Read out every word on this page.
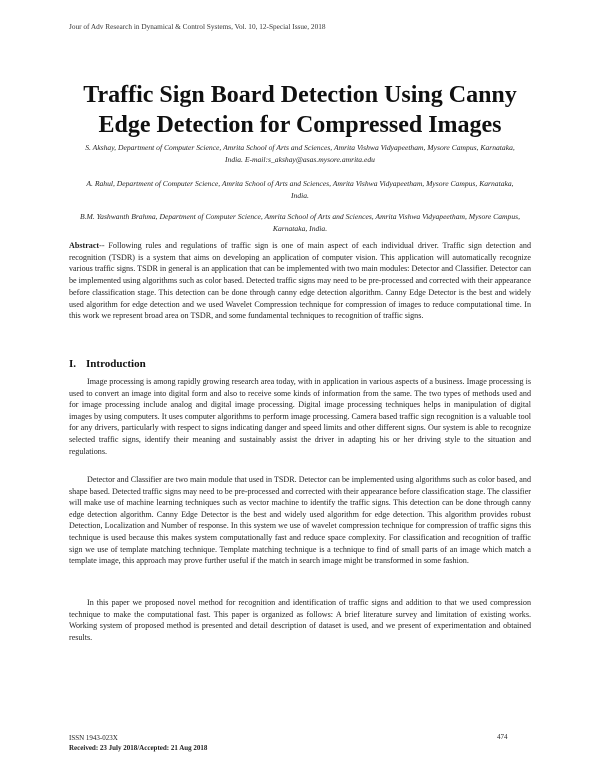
Jour of Adv Research in Dynamical & Control Systems, Vol. 10, 12-Special Issue, 2018
Traffic Sign Board Detection Using Canny
Edge Detection for Compressed Images
S. Akshay, Department of Computer Science, Amrita School of Arts and Sciences, Amrita Vishwa Vidyapeetham, Mysore Campus, Karnataka, India. E-mail:s_akshay@asas.mysore.amrita.edu
A. Rahul, Department of Computer Science, Amrita School of Arts and Sciences, Amrita Vishwa Vidyapeetham, Mysore Campus, Karnataka, India.
B.M. Yashwanth Brahma, Department of Computer Science, Amrita School of Arts and Sciences, Amrita Vishwa Vidyapeetham, Mysore Campus, Karnataka, India.
Abstract-- Following rules and regulations of traffic sign is one of main aspect of each individual driver. Traffic sign detection and recognition (TSDR) is a system that aims on developing an application of computer vision. This application will automatically recognize various traffic signs. TSDR in general is an application that can be implemented with two main modules: Detector and Classifier. Detector can be implemented using algorithms such as color based. Detected traffic signs may need to be pre-processed and corrected with their appearance before classification stage. This detection can be done through canny edge detection algorithm. Canny Edge Detector is the best and widely used algorithm for edge detection and we used Wavelet Compression technique for compression of images to reduce computational time. In this work we represent broad area on TSDR, and some fundamental techniques to recognition of traffic signs.
I. Introduction

Image processing is among rapidly growing research area today, with in application in various aspects of a business. Image processing is used to convert an image into digital form and also to receive some kinds of information from the same. The two types of methods used and for image processing include analog and digital image processing. Digital image processing techniques helps in manipulation of digital images by using computers. It uses computer algorithms to perform image processing. Camera based traffic sign recognition is a valuable tool for any drivers, particularly with respect to signs indicating danger and speed limits and other different signs. Our system is able to recognize selected traffic signs, identify their meaning and sustainably assist the driver in adapting his or her driving style to the situation and regulations.

Detector and Classifier are two main module that used in TSDR. Detector can be implemented using algorithms such as color based, and shape based. Detected traffic signs may need to be pre-processed and corrected with their appearance before classification stage. The classifier will make use of machine learning techniques such as vector machine to identify the traffic signs. This detection can be done through canny edge detection algorithm. Canny Edge Detector is the best and widely used algorithm for edge detection. This algorithm provides robust Detection, Localization and Number of response. In this system we use of wavelet compression technique for compression of traffic signs this technique is used because this makes system computationally fast and reduce space complexity. For classification and recognition of traffic sign we use of template matching technique. Template matching technique is a technique to find of small parts of an image which match a template image, this approach may prove further useful if the match in search image might be transformed in some fashion.

In this paper we proposed novel method for recognition and identification of traffic signs and addition to that we used compression technique to make the computational fast. This paper is organized as follows: A brief literature survey and limitation of existing works. Working system of proposed method is presented and detail description of dataset is used, and we present of experimentation and obtained results.

ISSN 1943-023X
Received: 23 July 2018/Accepted: 21 Aug 2018
474
